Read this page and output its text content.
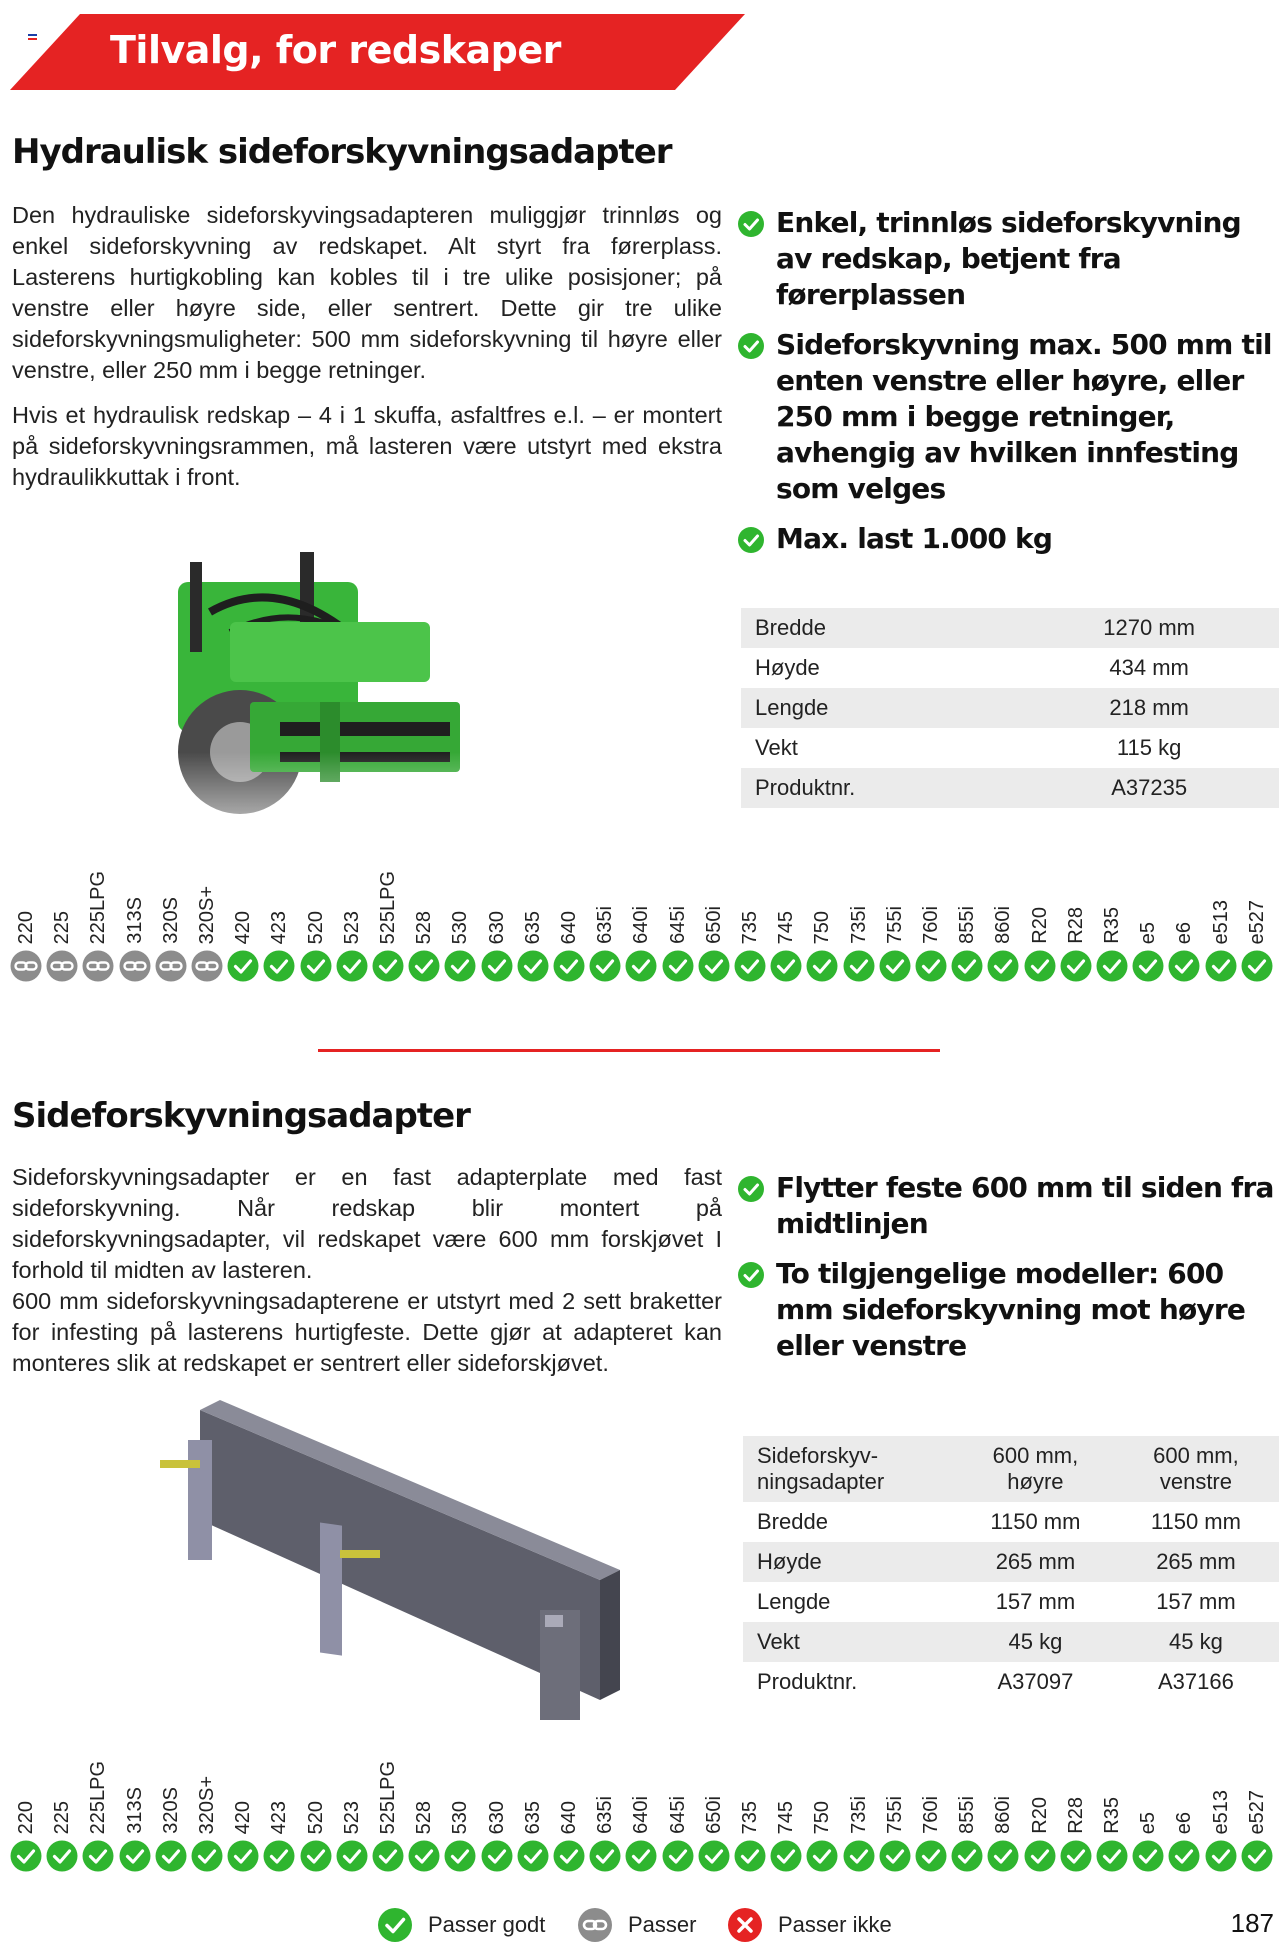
Tilvalg, for redskaper
Hydraulisk sideforskyvningsadapter

Den hydrauliske sideforskyvingsadapteren muliggjør trinnløs og enkel sideforskyvning av redskapet. Alt styrt fra førerplass. Lasterens hurtigkobling kan kobles til i tre ulike posisjoner; på venstre eller høyre side, eller sentrert. Dette gir tre ulike sideforskyvningsmuligheter: 500 mm sideforskyvning til høyre eller venstre, eller 250 mm i begge retninger.

Hvis et hydraulisk redskap – 4 i 1 skuffa, asfaltfres e.l. – er montert på sideforskyvningsrammen, må lasteren være utstyrt med ekstra hydraulikkuttak i front.

Enkel, trinnløs sideforskyvning av redskap, betjent fra førerplassen
Sideforskyvning max. 500 mm til enten venstre eller høyre, eller 250 mm i begge retninger, avhengig av hvilken innfesting som velges
Max. last 1.000 kg
Bredde	1270 mm
Høyde	434 mm
Lengde	218 mm
Vekt	115 kg
Produktnr.	A37235
220 225 225LPG 313S 320S 320S+ 420 423 520 523 525LPG 528 530 630 635 640 635i 640i 645i 650i 735 745 750 735i 755i 760i 855i 860i R20 R28 R35 e5 e6 e513 e527
Sideforskyvningsadapter

Sideforskyvningsadapter er en fast adapterplate med fast sideforskyvning. Når redskap blir montert på sideforskyvningsadapter, vil redskapet være 600 mm forskjøvet I forhold til midten av lasteren.

600 mm sideforskyvningsadapterene er utstyrt med 2 sett braketter for infesting på lasterens hurtigfeste. Dette gjør at adapteret kan monteres slik at redskapet er sentrert eller sideforskjøvet.

Flytter feste 600 mm til siden fra midtlinjen
To tilgjengelige modeller: 600 mm sideforskyvning mot høyre eller venstre
Sideforskyv-ningsadapter	600 mm, høyre	600 mm, venstre
Bredde	1150 mm	1150 mm
Høyde	265 mm	265 mm
Lengde	157 mm	157 mm
Vekt	45 kg	45 kg
Produktnr.	A37097	A37166
220 225 225LPG 313S 320S 320S+ 420 423 520 523 525LPG 528 530 630 635 640 635i 640i 645i 650i 735 745 750 735i 755i 760i 855i 860i R20 R28 R35 e5 e6 e513 e527
Passer godt	Passer	Passer ikke	187
